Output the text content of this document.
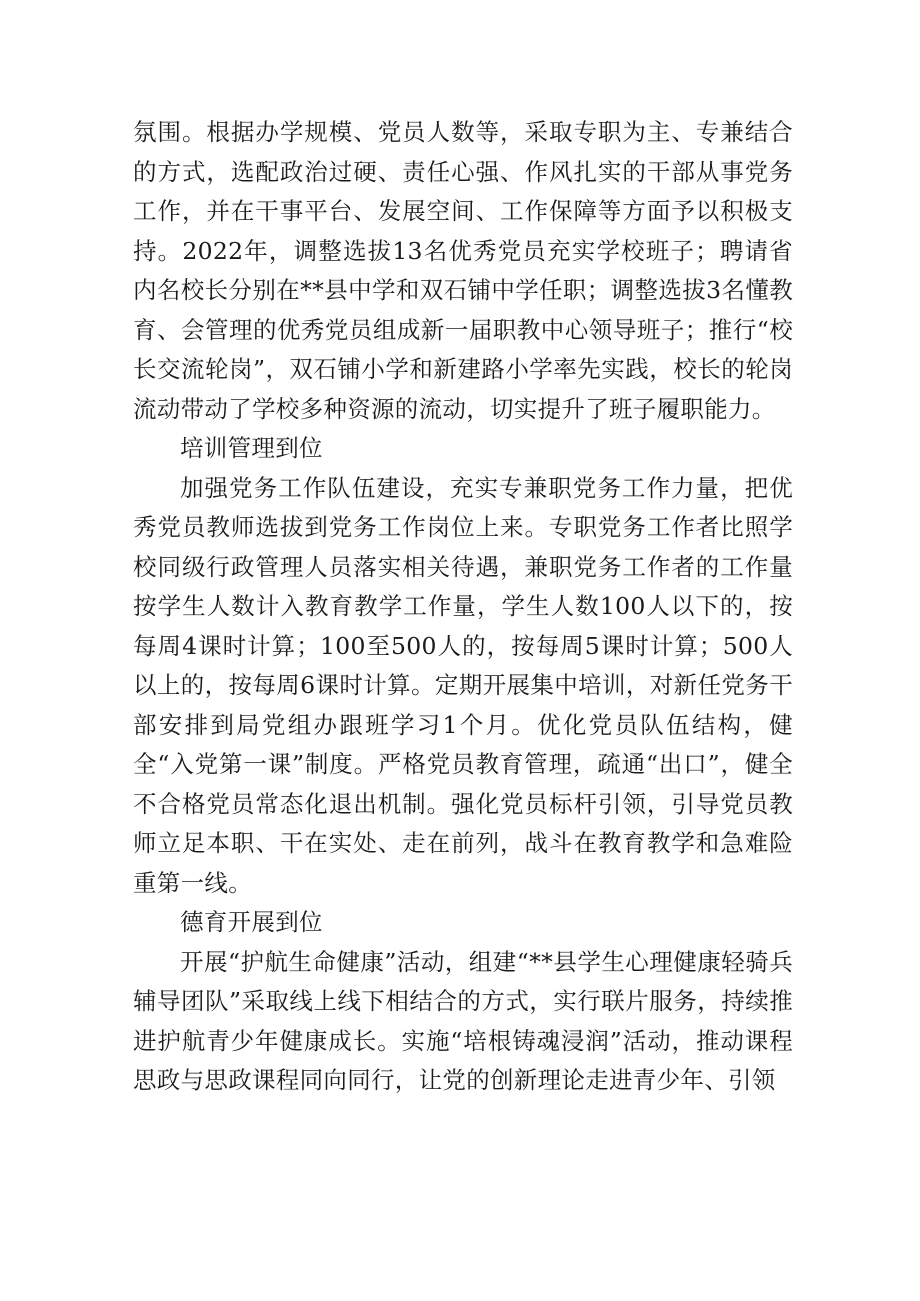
氛围。根据办学规模、党员人数等，采取专职为主、专兼结合的方式，选配政治过硬、责任心强、作风扎实的干部从事党务工作，并在干事平台、发展空间、工作保障等方面予以积极支持。2022年，调整选拔13名优秀党员充实学校班子；聘请省内名校长分别在**县中学和双石铺中学任职；调整选拔3名懂教育、会管理的优秀党员组成新一届职教中心领导班子；推行“校长交流轮岗”，双石铺小学和新建路小学率先实践，校长的轮岗流动带动了学校多种资源的流动，切实提升了班子履职能力。

培训管理到位

加强党务工作队伍建设，充实专兼职党务工作力量，把优秀党员教师选拔到党务工作岗位上来。专职党务工作者比照学校同级行政管理人员落实相关待遇，兼职党务工作者的工作量按学生人数计入教育教学工作量，学生人数100人以下的，按每周4课时计算；100至500人的，按每周5课时计算；500人以上的，按每周6课时计算。定期开展集中培训，对新任党务干部安排到局党组办跟班学习1个月。优化党员队伍结构，健全“入党第一课”制度。严格党员教育管理，疏通“出口”，健全不合格党员常态化退出机制。强化党员标杆引领，引导党员教师立足本职、干在实处、走在前列，战斗在教育教学和急难险重第一线。

德育开展到位

开展“护航生命健康”活动，组建“**县学生心理健康轻骑兵辅导团队”采取线上线下相结合的方式，实行联片服务，持续推进护航青少年健康成长。实施“培根铸魂浸润”活动，推动课程思政与思政课程同向同行，让党的创新理论走进青少年、引领
